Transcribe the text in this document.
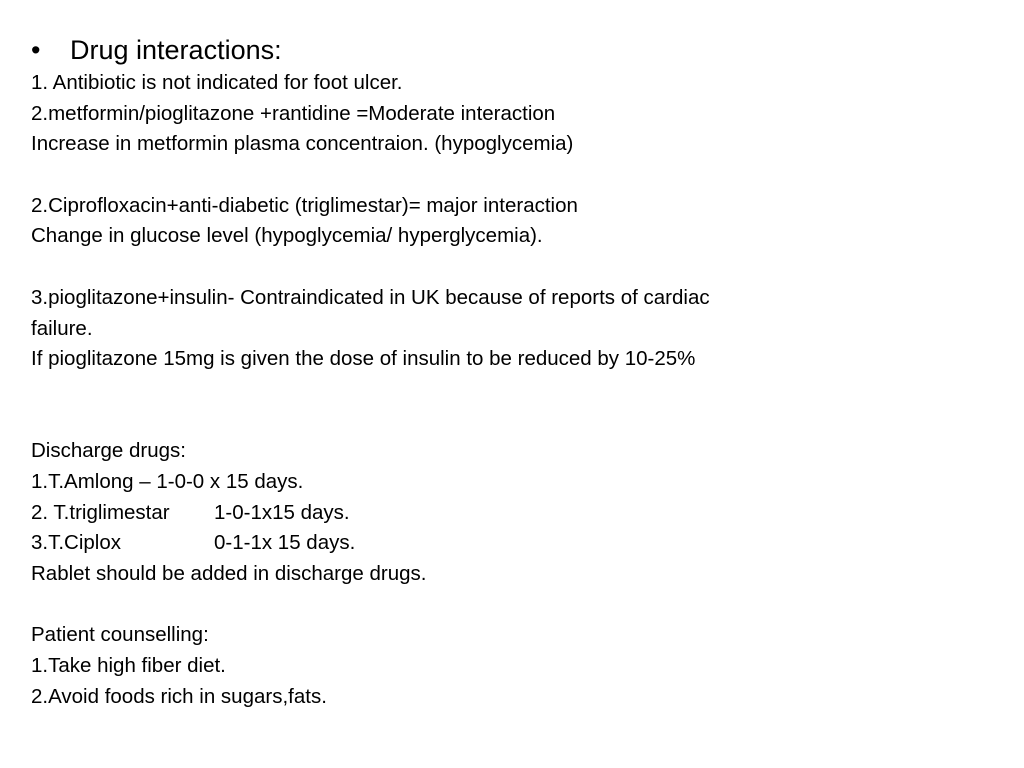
• Drug interactions:
1. Antibiotic is not indicated for foot ulcer.
2.metformin/pioglitazone +rantidine =Moderate interaction
Increase in metformin plasma concentraion. (hypoglycemia)
2.Ciprofloxacin+anti-diabetic (triglimestar)= major interaction
Change in glucose level (hypoglycemia/ hyperglycemia).
3.pioglitazone+insulin- Contraindicated in UK because of reports of cardiac
failure.
If pioglitazone 15mg is given the dose of insulin to be reduced by 10-25%
Discharge drugs:
1.T.Amlong – 1-0-0 x 15 days.
2. T.triglimestar 1-0-1x15 days.
3.T.Ciplox	0-1-1x 15 days.
Rablet should be added in discharge drugs.
Patient counselling:
1.Take high fiber diet.
2.Avoid foods rich in sugars,fats.
